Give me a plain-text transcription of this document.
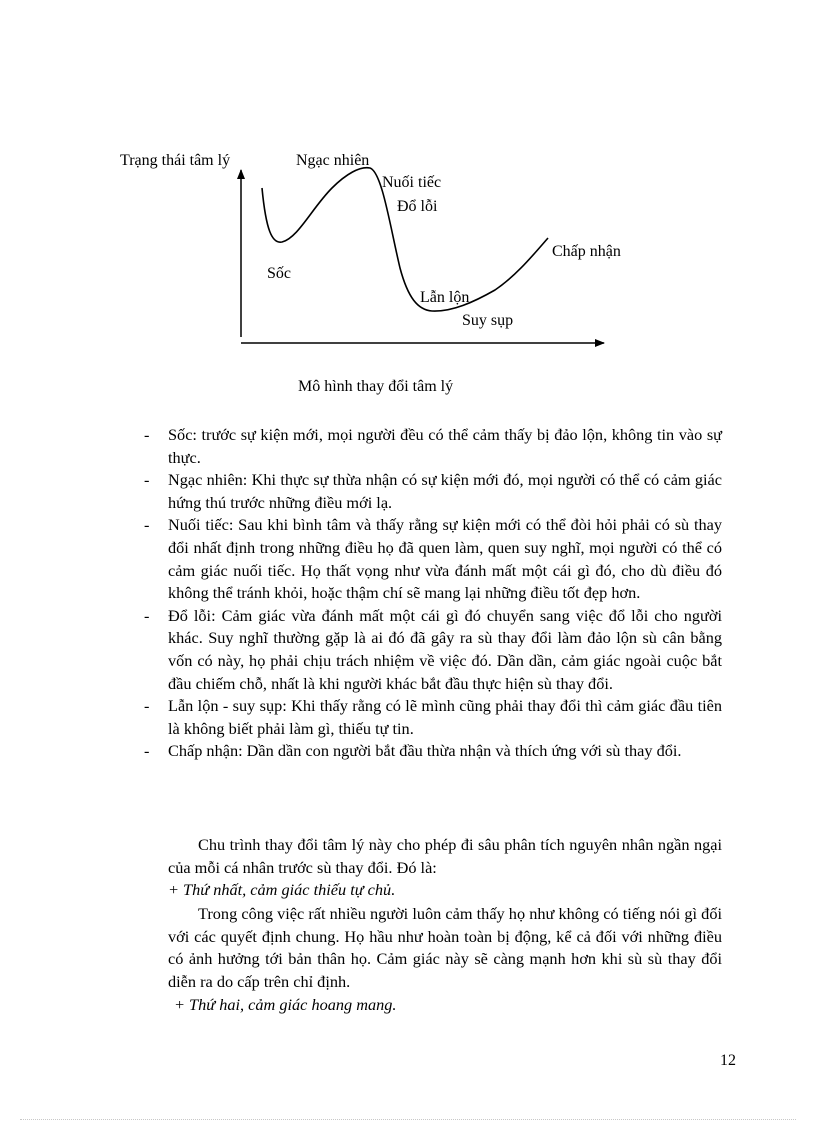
Trạng thái tâm lý	Ngạc nhiên
Nuối tiếc
Đổ lỗi
Chấp nhận
Sốc
Lẫn lộn
Suy sụp
Mô hình thay đổi tâm lý
- Sốc: trước sự kiện mới, mọi người đều có thể cảm thấy bị đảo lộn, không tin vào sự thực.
- Ngạc nhiên: Khi thực sự thừa nhận có sự kiện mới đó, mọi người có thể có cảm giác hứng thú trước những điều mới lạ.
- Nuối tiếc: Sau khi bình tâm và thấy rằng sự kiện mới có thể đòi hỏi phải có sù thay đổi nhất định trong những điều họ đã quen làm, quen suy nghĩ, mọi người có thể có cảm giác nuối tiếc. Họ thất vọng như vừa đánh mất một cái gì đó, cho dù điều đó không thể tránh khỏi, hoặc thậm chí sẽ mang lại những điều tốt đẹp hơn.
- Đổ lỗi: Cảm giác vừa đánh mất một cái gì đó chuyển sang việc đổ lỗi cho người khác. Suy nghĩ thường gặp là ai đó đã gây ra sù thay đổi làm đảo lộn sù cân bằng vốn có này, họ phải chịu trách nhiệm về việc đó. Dần dần, cảm giác ngoài cuộc bắt đầu chiếm chỗ, nhất là khi người khác bắt đầu thực hiện sù thay đổi.
- Lẫn lộn - suy sụp: Khi thấy rằng có lẽ mình cũng phải thay đổi thì cảm giác đầu tiên là không biết phải làm gì, thiếu tự tin.
- Chấp nhận: Dần dần con người bắt đầu thừa nhận và thích ứng với sù thay đổi.

Chu trình thay đổi tâm lý này cho phép đi sâu phân tích nguyên nhân ngần ngại của mỗi cá nhân trước sù thay đổi. Đó là:

+ Thứ nhất, cảm giác thiếu tự chủ.

Trong công việc rất nhiều người luôn cảm thấy họ như không có tiếng nói gì đối với các quyết định chung. Họ hầu như hoàn toàn bị động, kể cả đối với những điều có ảnh hưởng tới bản thân họ. Cảm giác này sẽ càng mạnh hơn khi sù sù thay đổi diễn ra do cấp trên chỉ định.

+ Thứ hai, cảm giác hoang mang.
12
